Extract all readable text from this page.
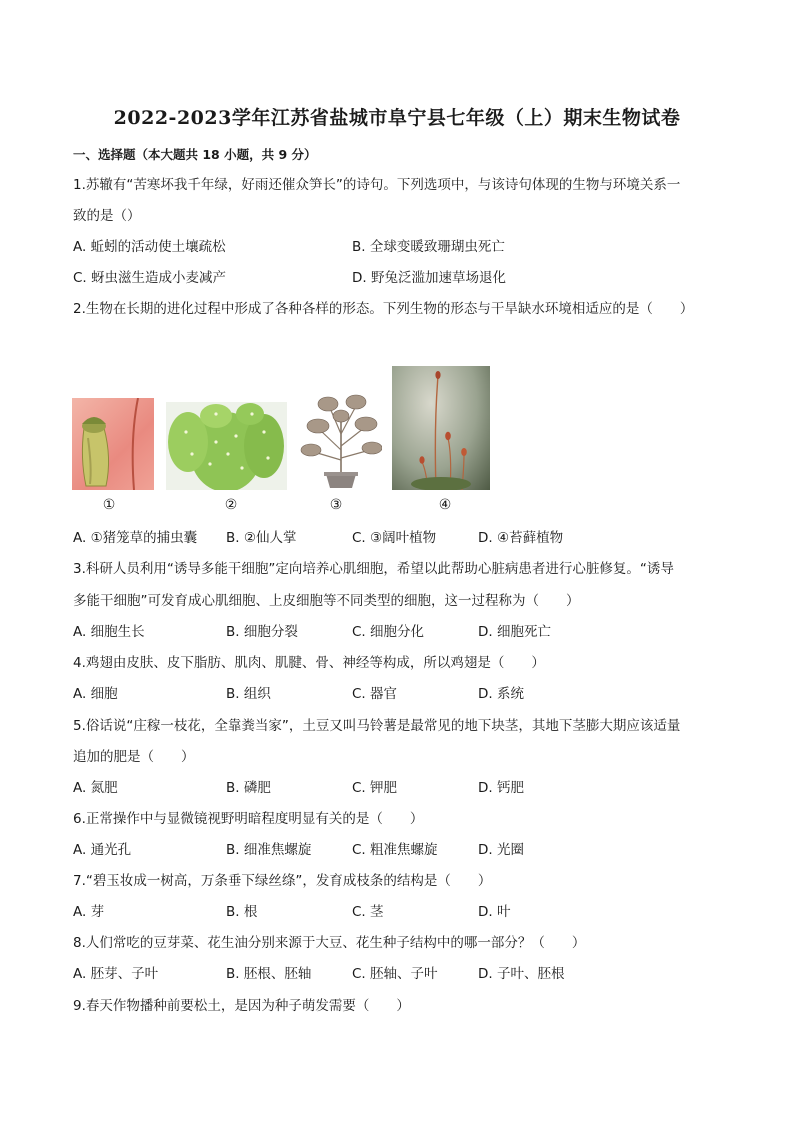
2022-2023学年江苏省盐城市阜宁县七年级（上）期末生物试卷
一、选择题（本大题共 18 小题，共 9 分）
1.苏辙有“苦寒坏我千年绿，好雨还催众笋长”的诗句。下列选项中，与该诗句体现的生物与环境关系一
致的是（）
A. 蚯蚓的活动使土壤疏松	B. 全球变暖致珊瑚虫死亡
C. 蚜虫滋生造成小麦减产	D. 野兔泛滥加速草场退化
2.生物在长期的进化过程中形成了各种各样的形态。下列生物的形态与干旱缺水环境相适应的是（　　）
①	②	③	④
A. ①猪笼草的捕虫囊 B. ②仙人掌	C. ③阔叶植物	D. ④苔藓植物
3.科研人员利用“诱导多能干细胞”定向培养心肌细胞，希望以此帮助心脏病患者进行心脏修复。“诱导
多能干细胞”可发育成心肌细胞、上皮细胞等不同类型的细胞，这一过程称为（　　）
A. 细胞生长	B. 细胞分裂	C. 细胞分化	D. 细胞死亡
4.鸡翅由皮肤、皮下脂肪、肌肉、肌腱、骨、神经等构成，所以鸡翅是（　　）
A. 细胞	B. 组织	C. 器官	D. 系统
5.俗话说“庄稼一枝花，全靠粪当家”，土豆又叫马铃薯是最常见的地下块茎，其地下茎膨大期应该适量
追加的肥是（　　）
A. 氮肥	B. 磷肥	C. 钾肥	D. 钙肥
6.正常操作中与显微镜视野明暗程度明显有关的是（　　）
A. 通光孔	B. 细准焦螺旋	C. 粗准焦螺旋	D. 光圈
7.“碧玉妆成一树高，万条垂下绿丝绦”，发育成枝条的结构是（　　）
A. 芽	B. 根	C. 茎	D. 叶
8.人们常吃的豆芽菜、花生油分别来源于大豆、花生种子结构中的哪一部分？（　　）
A. 胚芽、子叶	B. 胚根、胚轴	C. 胚轴、子叶	D. 子叶、胚根
9.春天作物播种前要松土，是因为种子萌发需要（　　）
